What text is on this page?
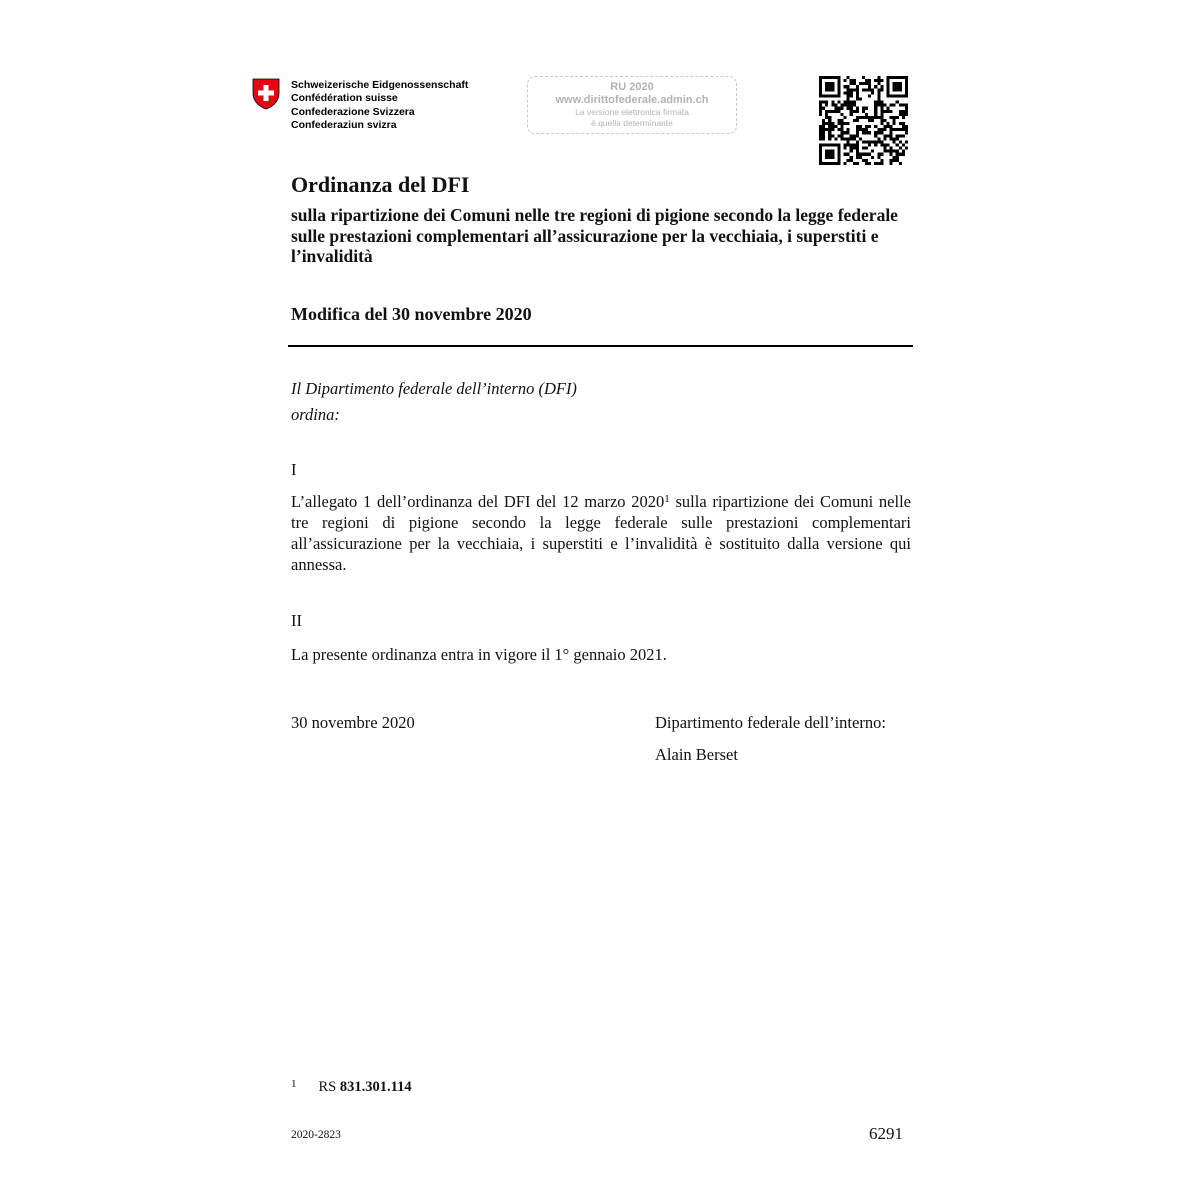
Schweizerische Eidgenossenschaft
Confédération suisse
Confederazione Svizzera
Confederaziun svizra
RU 2020
www.dirittofederale.admin.ch
La versione elettronica firmata
è quella determinante
Ordinanza del DFI
sulla ripartizione dei Comuni nelle tre regioni di pigione secondo la legge federale sulle prestazioni complementari all’assicurazione per la vecchiaia, i superstiti e l’invalidità
Modifica del 30 novembre 2020
Il Dipartimento federale dell’interno (DFI)
ordina:
I
L’allegato 1 dell’ordinanza del DFI del 12 marzo 2020$^1$ sulla ripartizione dei Comuni nelle tre regioni di pigione secondo la legge federale sulle prestazioni complementari all’assicurazione per la vecchiaia, i superstiti e l’invalidità è sostituito dalla versione qui annessa.
II
La presente ordinanza entra in vigore il 1° gennaio 2021.
30 novembre 2020	Dipartimento federale dell’interno:
Alain Berset
$^1$ RS 831.301.114
2020-2823	6291
